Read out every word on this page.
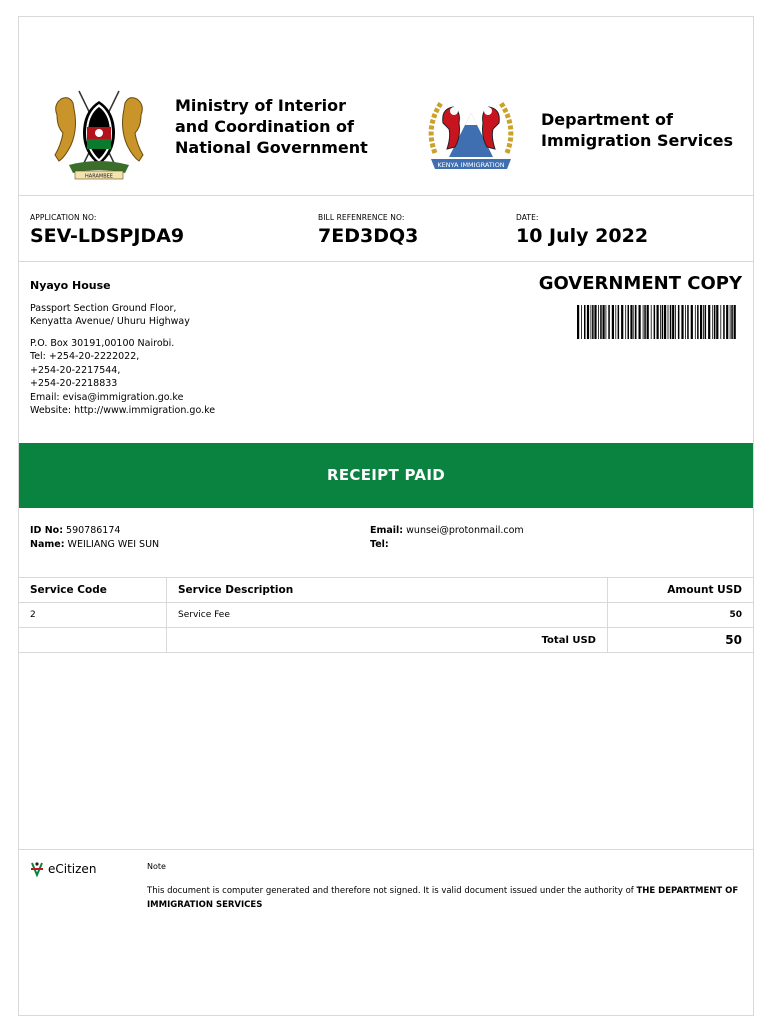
HARAMBEE
Ministry of Interior
and Coordination of
National Government
KENYA IMMIGRATION
Department of
Immigration Services
APPLICATION NO:
SEV-LDSPJDA9
BILL REFENRENCE NO:
7ED3DQ3
DATE:
10 July 2022
Nyayo House
Passport Section Ground Floor,
Kenyatta Avenue/ Uhuru Highway
P.O. Box 30191,00100 Nairobi.
Tel: +254-20-2222022,
+254-20-2217544,
+254-20-2218833
Email: evisa@immigration.go.ke
Website: http://www.immigration.go.ke
GOVERNMENT COPY
RECEIPT PAID
ID No: 590786174
Name: WEILIANG WEI SUN
Email: wunsei@protonmail.com
Tel:
Service Code	Service Description	Amount USD
2	Service Fee	50
	Total USD	50
eCitizen	Note
This document is computer generated and therefore not signed. It is valid document issued under the authority of THE DEPARTMENT OF IMMIGRATION SERVICES
